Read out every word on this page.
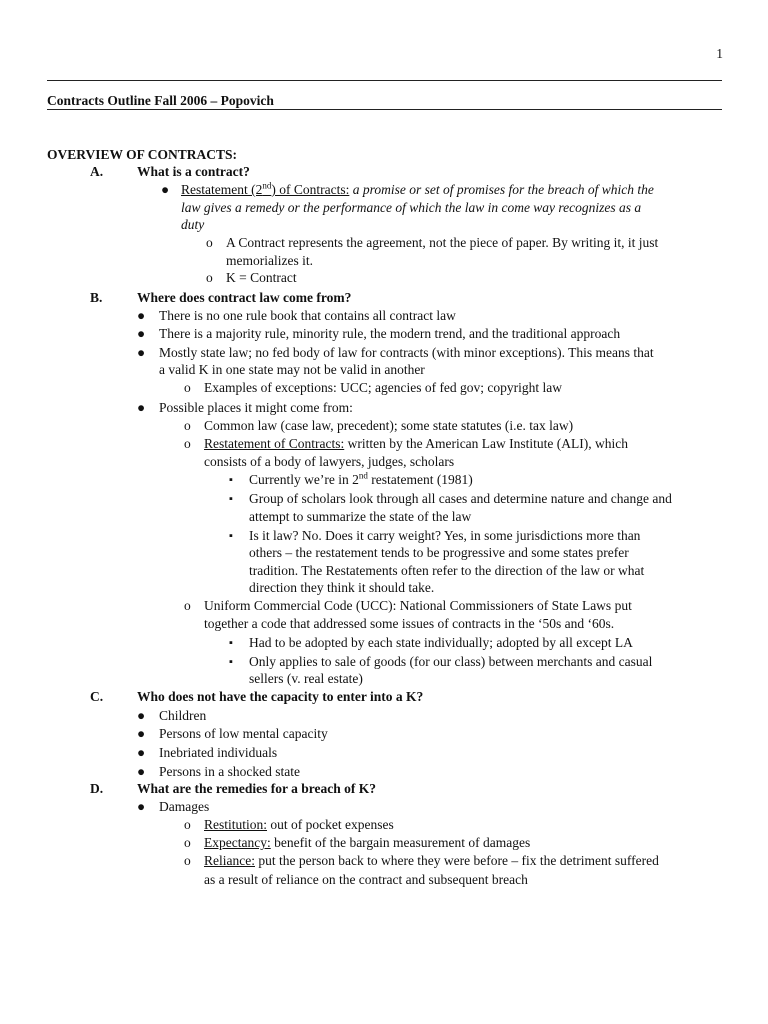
1
Contracts Outline Fall 2006 – Popovich
OVERVIEW OF CONTRACTS:
A.	What is a contract?
● Restatement (2nd) of Contracts: a promise or set of promises for the breach of which the
law gives a remedy or the performance of which the law in come way recognizes as a
duty
o A Contract represents the agreement, not the piece of paper. By writing it, it just
memorializes it.
o K = Contract
B.	Where does contract law come from?
● There is no one rule book that contains all contract law
● There is a majority rule, minority rule, the modern trend, and the traditional approach
● Mostly state law; no fed body of law for contracts (with minor exceptions). This means that
a valid K in one state may not be valid in another
o Examples of exceptions: UCC; agencies of fed gov; copyright law
● Possible places it might come from:
o Common law (case law, precedent); some state statutes (i.e. tax law)
o Restatement of Contracts: written by the American Law Institute (ALI), which
consists of a body of lawyers, judges, scholars
▪ Currently we’re in 2nd restatement (1981)
▪ Group of scholars look through all cases and determine nature and change and
attempt to summarize the state of the law
▪ Is it law? No. Does it carry weight? Yes, in some jurisdictions more than
others – the restatement tends to be progressive and some states prefer
tradition. The Restatements often refer to the direction of the law or what
direction they think it should take.
o Uniform Commercial Code (UCC): National Commissioners of State Laws put
together a code that addressed some issues of contracts in the ‘50s and ‘60s.
▪ Had to be adopted by each state individually; adopted by all except LA
▪ Only applies to sale of goods (for our class) between merchants and casual
sellers (v. real estate)
C.	Who does not have the capacity to enter into a K?
● Children
● Persons of low mental capacity
● Inebriated individuals
● Persons in a shocked state
D.	What are the remedies for a breach of K?
● Damages
o Restitution: out of pocket expenses
o Expectancy: benefit of the bargain measurement of damages
o Reliance: put the person back to where they were before – fix the detriment suffered
as a result of reliance on the contract and subsequent breach
